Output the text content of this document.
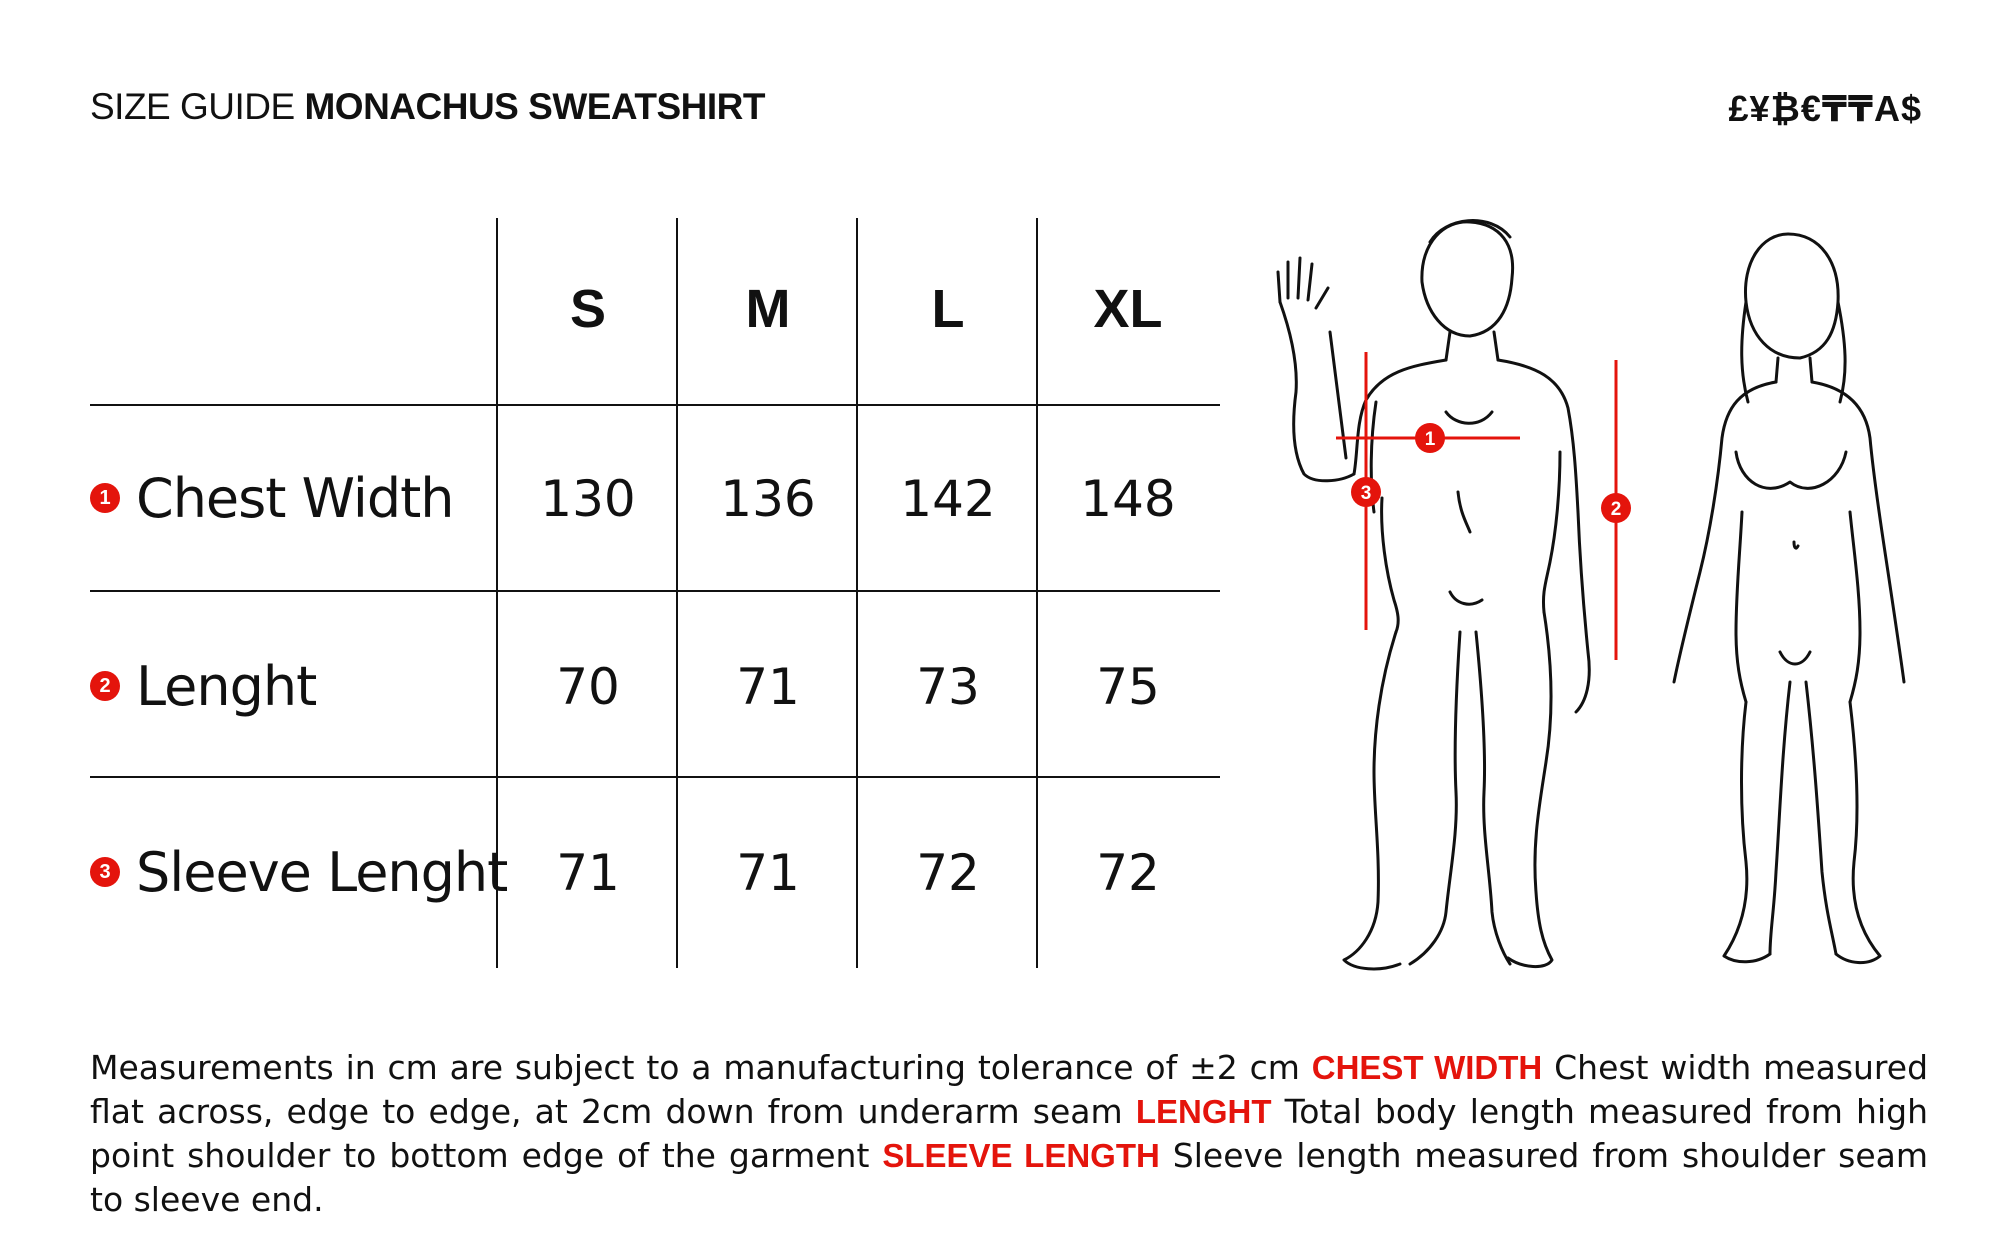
SIZE GUIDE MONACHUS SWEATSHIRT	£¥₿€₸₸A$
S	M	L	XL
1 Chest Width	130	136	142	148
2 Lenght	70	71	73	75
3 Sleeve Lenght 71	71	72	72
1
2
3
Measurements in cm are subject to a manufacturing tolerance of ±2 cm CHEST WIDTH Chest width measured flat across, edge to edge, at 2cm down from underarm seam LENGHT Total body length measured from high point shoulder to bottom edge of the garment SLEEVE LENGTH Sleeve length measured from shoulder seam to sleeve end.
